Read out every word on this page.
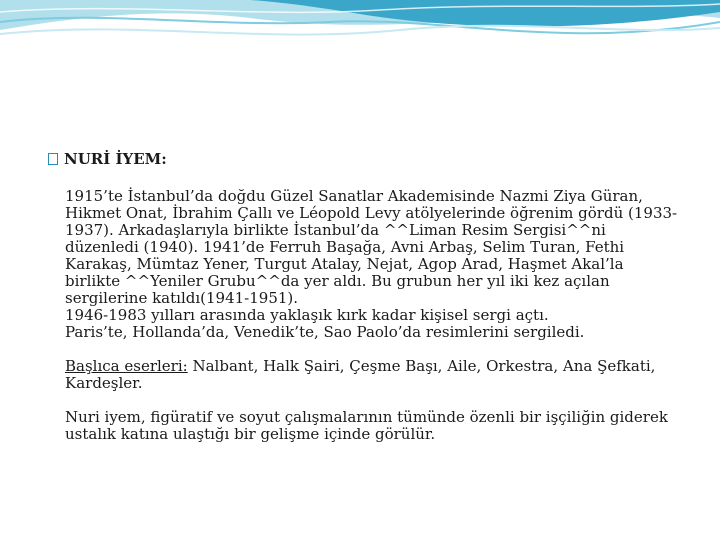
NURİ İYEM:

1915’te İstanbul’da doğdu Güzel Sanatlar Akademisinde Nazmi Ziya Güran, Hikmet Onat, İbrahim Çallı ve Léopold Levy atölyelerinde öğrenim gördü (1933-1937). Arkadaşlarıyla birlikte İstanbul’da ^^Liman Resim Sergisi^^ni düzenledi (1940). 1941’de Ferruh Başağa, Avni Arbaş, Selim Turan, Fethi Karakaş, Mümtaz Yener, Turgut Atalay, Nejat, Agop Arad, Haşmet Akal’la birlikte ^^Yeniler Grubu^^da yer aldı. Bu grubun her yıl iki kez açılan sergilerine katıldı(1941-1951).

1946-1983 yılları arasında yaklaşık kırk kadar kişisel sergi açtı.

Paris’te, Hollanda’da, Venedik’te, Sao Paolo’da resimlerini sergiledi.

Başlıca eserleri: Nalbant, Halk Şairi, Çeşme Başı, Aile, Orkestra, Ana Şefkati, Kardeşler.

Nuri iyem, figüratif ve soyut çalışmalarının tümünde özenli bir işçiliğin giderek ustalık katına ulaştığı bir gelişme içinde görülür.
